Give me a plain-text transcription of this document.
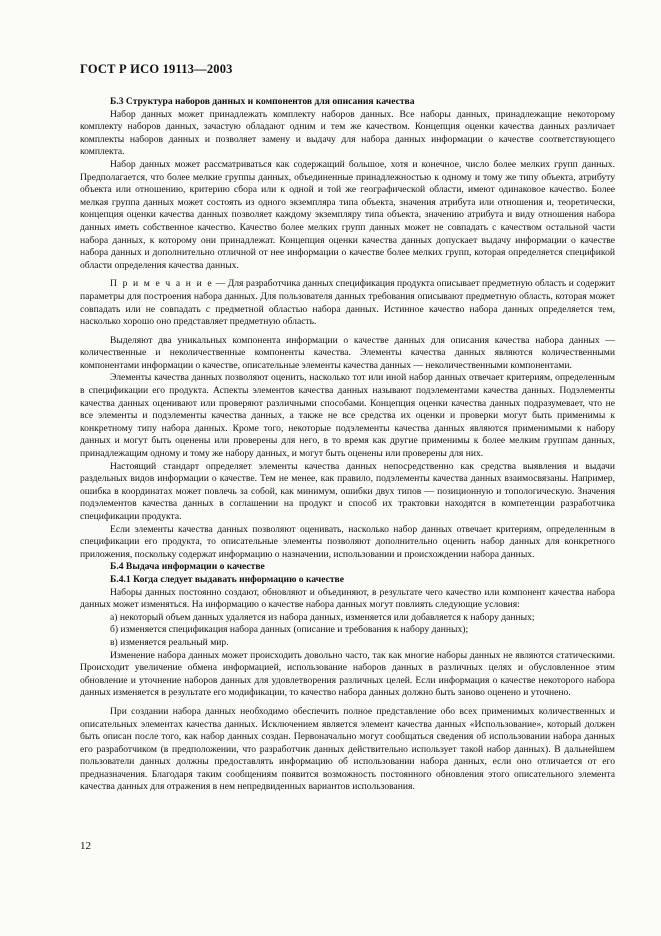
ГОСТ Р ИСО 19113—2003
Б.3 Структура наборов данных и компонентов для описания качества

Набор данных может принадлежать комплекту наборов данных. Все наборы данных, принадлежащие некоторому комплекту наборов данных, зачастую обладают одним и тем же качеством. Концепция оценки качества данных различает комплекты наборов данных и позволяет замену и выдачу для набора данных информации о качестве соответствующего комплекта.

Набор данных может рассматриваться как содержащий большое, хотя и конечное, число более мелких групп данных. Предполагается, что более мелкие группы данных, объединенные принадлежностью к одному и тому же типу объекта, атрибуту объекта или отношению, критерию сбора или к одной и той же географической области, имеют одинаковое качество. Более мелкая группа данных может состоять из одного экземпляра типа объекта, значения атрибута или отношения и, теоретически, концепция оценки качества данных позволяет каждому экземпляру типа объекта, значению атрибута и виду отношения набора данных иметь собственное качество. Качество более мелких групп данных может не совпадать с качеством остальной части набора данных, к которому они принадлежат. Концепция оценки качества данных допускает выдачу информации о качестве набора данных и дополнительно отличной от нее информации о качестве более мелких групп, которая определяется спецификой области определения качества данных.

П р и м е ч а н и е — Для разработчика данных спецификация продукта описывает предметную область и содержит параметры для построения набора данных. Для пользователя данных требования описывают предметную область, которая может совпадать или не совпадать с предметной областью набора данных. Истинное качество набора данных определяется тем, насколько хорошо оно представляет предметную область.

Выделяют два уникальных компонента информации о качестве данных для описания качества набора данных — количественные и неколичественные компоненты качества. Элементы качества данных являются количественными компонентами информации о качестве, описательные элементы качества данных — неколичественными компонентами.

Элементы качества данных позволяют оценить, насколько тот или иной набор данных отвечает критериям, определенным в спецификации его продукта. Аспекты элементов качества данных называют подэлементами качества данных. Подэлементы качества данных оценивают или проверяют различными способами. Концепция оценки качества данных подразумевает, что не все элементы и подэлементы качества данных, а также не все средства их оценки и проверки могут быть применимы к конкретному типу набора данных. Кроме того, некоторые подэлементы качества данных являются применимыми к набору данных и могут быть оценены или проверены для него, в то время как другие применимы к более мелким группам данных, принадлежащим одному и тому же набору данных, и могут быть оценены или проверены для них.

Настоящий стандарт определяет элементы качества данных непосредственно как средства выявления и выдачи раздельных видов информации о качестве. Тем не менее, как правило, подэлементы качества данных взаимосвязаны. Например, ошибка в координатах может повлечь за собой, как минимум, ошибки двух типов — позиционную и топологическую. Значения подэлементов качества данных в соглашении на продукт и способ их трактовки находятся в компетенции разработчика спецификации продукта.

Если элементы качества данных позволяют оценивать, насколько набор данных отвечает критериям, определенным в спецификации его продукта, то описательные элементы позволяют дополнительно оценить набор данных для конкретного приложения, поскольку содержат информацию о назначении, использовании и происхождении набора данных.

Б.4 Выдача информации о качестве
Б.4.1 Когда следует выдавать информацию о качестве

Наборы данных постоянно создают, обновляют и объединяют, в результате чего качество или компонент качества набора данных может изменяться. На информацию о качестве набора данных могут повлиять следующие условия:

а) некоторый объем данных удаляется из набора данных, изменяется или добавляется к набору данных;

б) изменяется спецификация набора данных (описание и требования к набору данных);

в) изменяется реальный мир.

Изменение набора данных может происходить довольно часто, так как многие наборы данных не являются статическими. Происходит увеличение обмена информацией, использование наборов данных в различных целях и обусловленное этим обновление и уточнение наборов данных для удовлетворения различных целей. Если информация о качестве некоторого набора данных изменяется в результате его модификации, то качество набора данных должно быть заново оценено и уточнено.

При создании набора данных необходимо обеспечить полное представление обо всех применимых количественных и описательных элементах качества данных. Исключением является элемент качества данных «Использование», который должен быть описан после того, как набор данных создан. Первоначально могут сообщаться сведения об использовании набора данных его разработчиком (в предположении, что разработчик данных действительно использует такой набор данных). В дальнейшем пользователи данных должны предоставлять информацию об использовании набора данных, если оно отличается от его предназначения. Благодаря таким сообщениям появится возможность постоянного обновления этого описательного элемента качества данных для отражения в нем непредвиденных вариантов использования.

12
